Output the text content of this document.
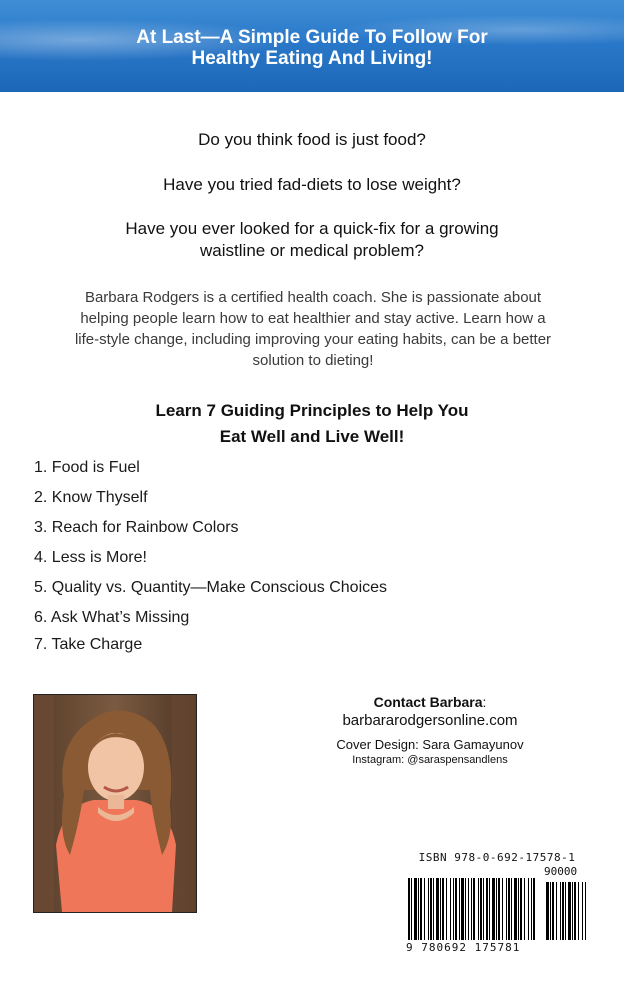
At Last—A Simple Guide To Follow For
Healthy Eating And Living!
Do you think food is just food?
Have you tried fad-diets to lose weight?
Have you ever looked for a quick-fix for a growing
waistline or medical problem?
Barbara Rodgers is a certified health coach. She is passionate about
helping people learn how to eat healthier and stay active. Learn how a
life-style change, including improving your eating habits, can be a better
solution to dieting!
Learn 7 Guiding Principles to Help You
Eat Well and Live Well!
1. Food is Fuel
2. Know Thyself
3. Reach for Rainbow Colors
4. Less is More!
5. Quality vs. Quantity—Make Conscious Choices
6. Ask What’s Missing
7. Take Charge
Contact Barbara:
barbararodgersonline.com
Cover Design: Sara Gamayunov
Instagram: @saraspensandlens
ISBN 978-0-692-17578-1
90000
9 780692 175781
